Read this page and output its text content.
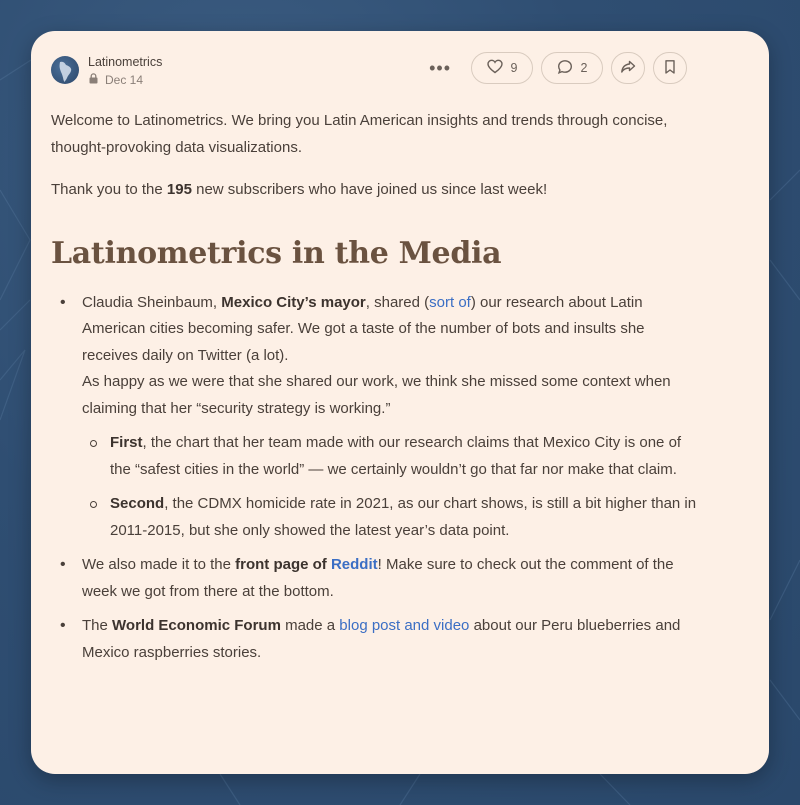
Latinometrics
Dec 14
•••	9	2

Welcome to Latinometrics. We bring you Latin American insights and trends through concise, thought-provoking data visualizations.

Thank you to the 195 new subscribers who have joined us since last week!

Latinometrics in the Media
• Claudia Sheinbaum, Mexico City’s mayor, shared (sort of) our research about Latin American cities becoming safer. We got a taste of the number of bots and insults she receives daily on Twitter (a lot).
As happy as we were that she shared our work, we think she missed some context when claiming that her “security strategy is working.”
First, the chart that her team made with our research claims that Mexico City is one of the “safest cities in the world” — we certainly wouldn’t go that far nor make that claim.
Second, the CDMX homicide rate in 2021, as our chart shows, is still a bit higher than in 2011-2015, but she only showed the latest year’s data point.
• We also made it to the front page of Reddit! Make sure to check out the comment of the week we got from there at the bottom.
• The World Economic Forum made a blog post and video about our Peru blueberries and Mexico raspberries stories.
